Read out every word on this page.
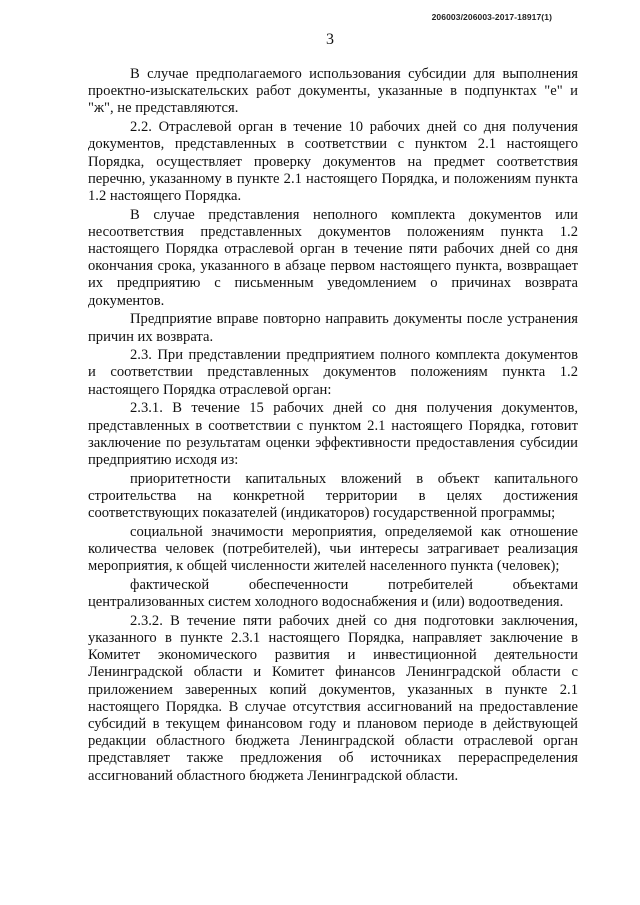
206003/206003-2017-18917(1)
3

В случае предполагаемого использования субсидии для выполнения проектно-изыскательских работ документы, указанные в подпунктах "е" и "ж", не представляются.

2.2. Отраслевой орган в течение 10 рабочих дней со дня получения документов, представленных в соответствии с пунктом 2.1 настоящего Порядка, осуществляет проверку документов на предмет соответствия перечню, указанному в пункте 2.1 настоящего Порядка, и положениям пункта 1.2 настоящего Порядка.

В случае представления неполного комплекта документов или несоответствия представленных документов положениям пункта 1.2 настоящего Порядка отраслевой орган в течение пяти рабочих дней со дня окончания срока, указанного в абзаце первом настоящего пункта, возвращает их предприятию с письменным уведомлением о причинах возврата документов.

Предприятие вправе повторно направить документы после устранения причин их возврата.

2.3. При представлении предприятием полного комплекта документов и соответствии представленных документов положениям пункта 1.2 настоящего Порядка отраслевой орган:

2.3.1. В течение 15 рабочих дней со дня получения документов, представленных в соответствии с пунктом 2.1 настоящего Порядка, готовит заключение по результатам оценки эффективности предоставления субсидии предприятию исходя из:

приоритетности капитальных вложений в объект капитального строительства на конкретной территории в целях достижения соответствующих показателей (индикаторов) государственной программы;

социальной значимости мероприятия, определяемой как отношение количества человек (потребителей), чьи интересы затрагивает реализация мероприятия, к общей численности жителей населенного пункта (человек);

фактической обеспеченности потребителей объектами централизованных систем холодного водоснабжения и (или) водоотведения.

2.3.2. В течение пяти рабочих дней со дня подготовки заключения, указанного в пункте 2.3.1 настоящего Порядка, направляет заключение в Комитет экономического развития и инвестиционной деятельности Ленинградской области и Комитет финансов Ленинградской области с приложением заверенных копий документов, указанных в пункте 2.1 настоящего Порядка. В случае отсутствия ассигнований на предоставление субсидий в текущем финансовом году и плановом периоде в действующей редакции областного бюджета Ленинградской области отраслевой орган представляет также предложения об источниках перераспределения ассигнований областного бюджета Ленинградской области.
